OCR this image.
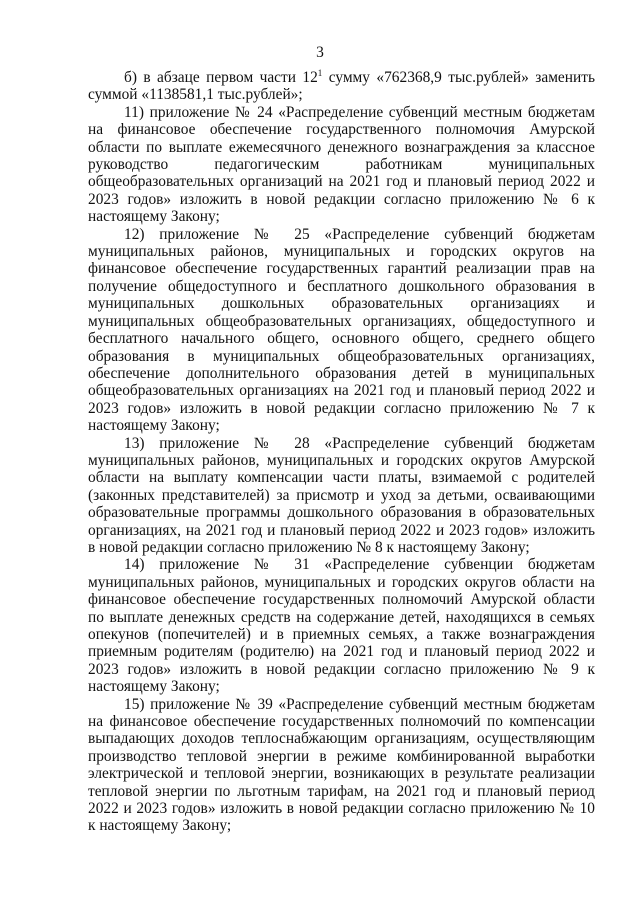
3

б) в абзаце первом части $12^1$ сумму «762368,9 тыс.рублей» заменить суммой «1138581,1 тыс.рублей»;

11) приложение № 24 «Распределение субвенций местным бюджетам на финансовое обеспечение государственного полномочия Амурской области по выплате ежемесячного денежного вознаграждения за классное руководство педагогическим работникам муниципальных общеобразовательных организаций на 2021 год и плановый период 2022 и 2023 годов» изложить в новой редакции согласно приложению № 6 к настоящему Закону;

12) приложение № 25 «Распределение субвенций бюджетам муниципальных районов, муниципальных и городских округов на финансовое обеспечение государственных гарантий реализации прав на получение общедоступного и бесплатного дошкольного образования в муниципальных дошкольных образовательных организациях и муниципальных общеобразовательных организациях, общедоступного и бесплатного начального общего, основного общего, среднего общего образования в муниципальных общеобразовательных организациях, обеспечение дополнительного образования детей в муниципальных общеобразовательных организациях на 2021 год и плановый период 2022 и 2023 годов» изложить в новой редакции согласно приложению № 7 к настоящему Закону;

13) приложение № 28 «Распределение субвенций бюджетам муниципальных районов, муниципальных и городских округов Амурской области на выплату компенсации части платы, взимаемой с родителей (законных представителей) за присмотр и уход за детьми, осваивающими образовательные программы дошкольного образования в образовательных организациях, на 2021 год и плановый период 2022 и 2023 годов» изложить в новой редакции согласно приложению № 8 к настоящему Закону;

14) приложение № 31 «Распределение субвенции бюджетам муниципальных районов, муниципальных и городских округов области на финансовое обеспечение государственных полномочий Амурской области по выплате денежных средств на содержание детей, находящихся в семьях опекунов (попечителей) и в приемных семьях, а также вознаграждения приемным родителям (родителю) на 2021 год и плановый период 2022 и 2023 годов» изложить в новой редакции согласно приложению № 9 к настоящему Закону;

15) приложение № 39 «Распределение субвенций местным бюджетам на финансовое обеспечение государственных полномочий по компенсации выпадающих доходов теплоснабжающим организациям, осуществляющим производство тепловой энергии в режиме комбинированной выработки электрической и тепловой энергии, возникающих в результате реализации тепловой энергии по льготным тарифам, на 2021 год и плановый период 2022 и 2023 годов» изложить в новой редакции согласно приложению № 10 к настоящему Закону;
